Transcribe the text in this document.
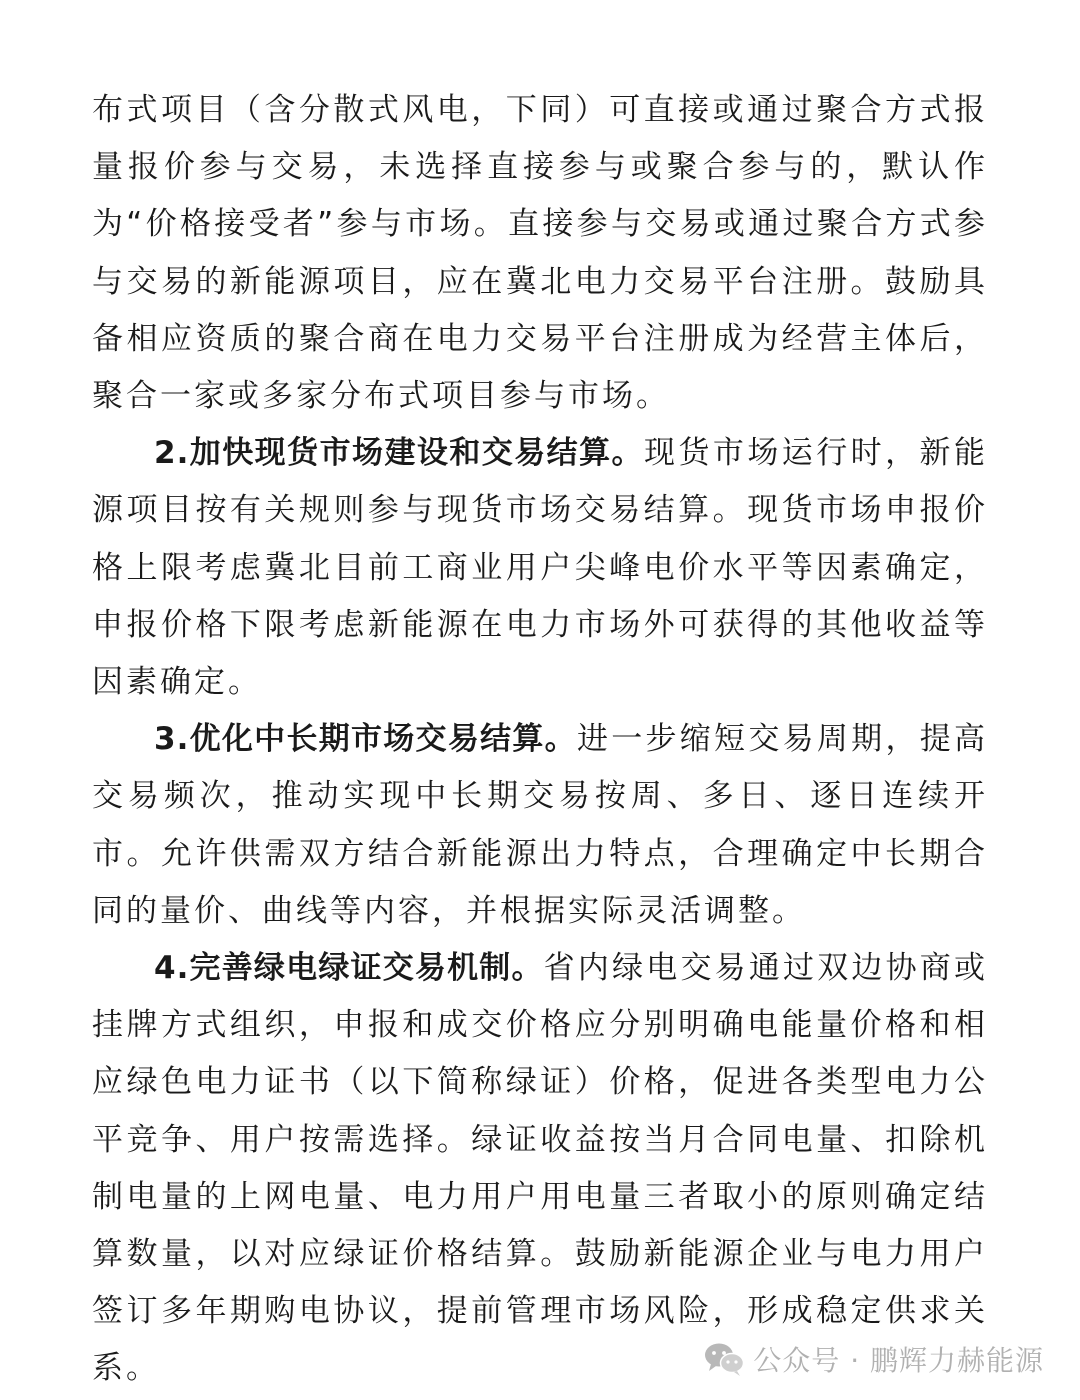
布式项目（含分散式风电，下同）可直接或通过聚合方式报量报价参与交易，未选择直接参与或聚合参与的，默认作为“价格接受者”参与市场。直接参与交易或通过聚合方式参与交易的新能源项目，应在冀北电力交易平台注册。鼓励具备相应资质的聚合商在电力交易平台注册成为经营主体后，聚合一家或多家分布式项目参与市场。

2.加快现货市场建设和交易结算。现货市场运行时，新能源项目按有关规则参与现货市场交易结算。现货市场申报价格上限考虑冀北目前工商业用户尖峰电价水平等因素确定，申报价格下限考虑新能源在电力市场外可获得的其他收益等因素确定。

3.优化中长期市场交易结算。进一步缩短交易周期，提高交易频次，推动实现中长期交易按周、多日、逐日连续开市。允许供需双方结合新能源出力特点，合理确定中长期合同的量价、曲线等内容，并根据实际灵活调整。

4.完善绿电绿证交易机制。省内绿电交易通过双边协商或挂牌方式组织，申报和成交价格应分别明确电能量价格和相应绿色电力证书（以下简称绿证）价格，促进各类型电力公平竞争、用户按需选择。绿证收益按当月合同电量、扣除机制电量的上网电量、电力用户用电量三者取小的原则确定结算数量，以对应绿证价格结算。鼓励新能源企业与电力用户签订多年期购电协议，提前管理市场风险，形成稳定供求关系。	公众号 · 鹏辉力赫能源
